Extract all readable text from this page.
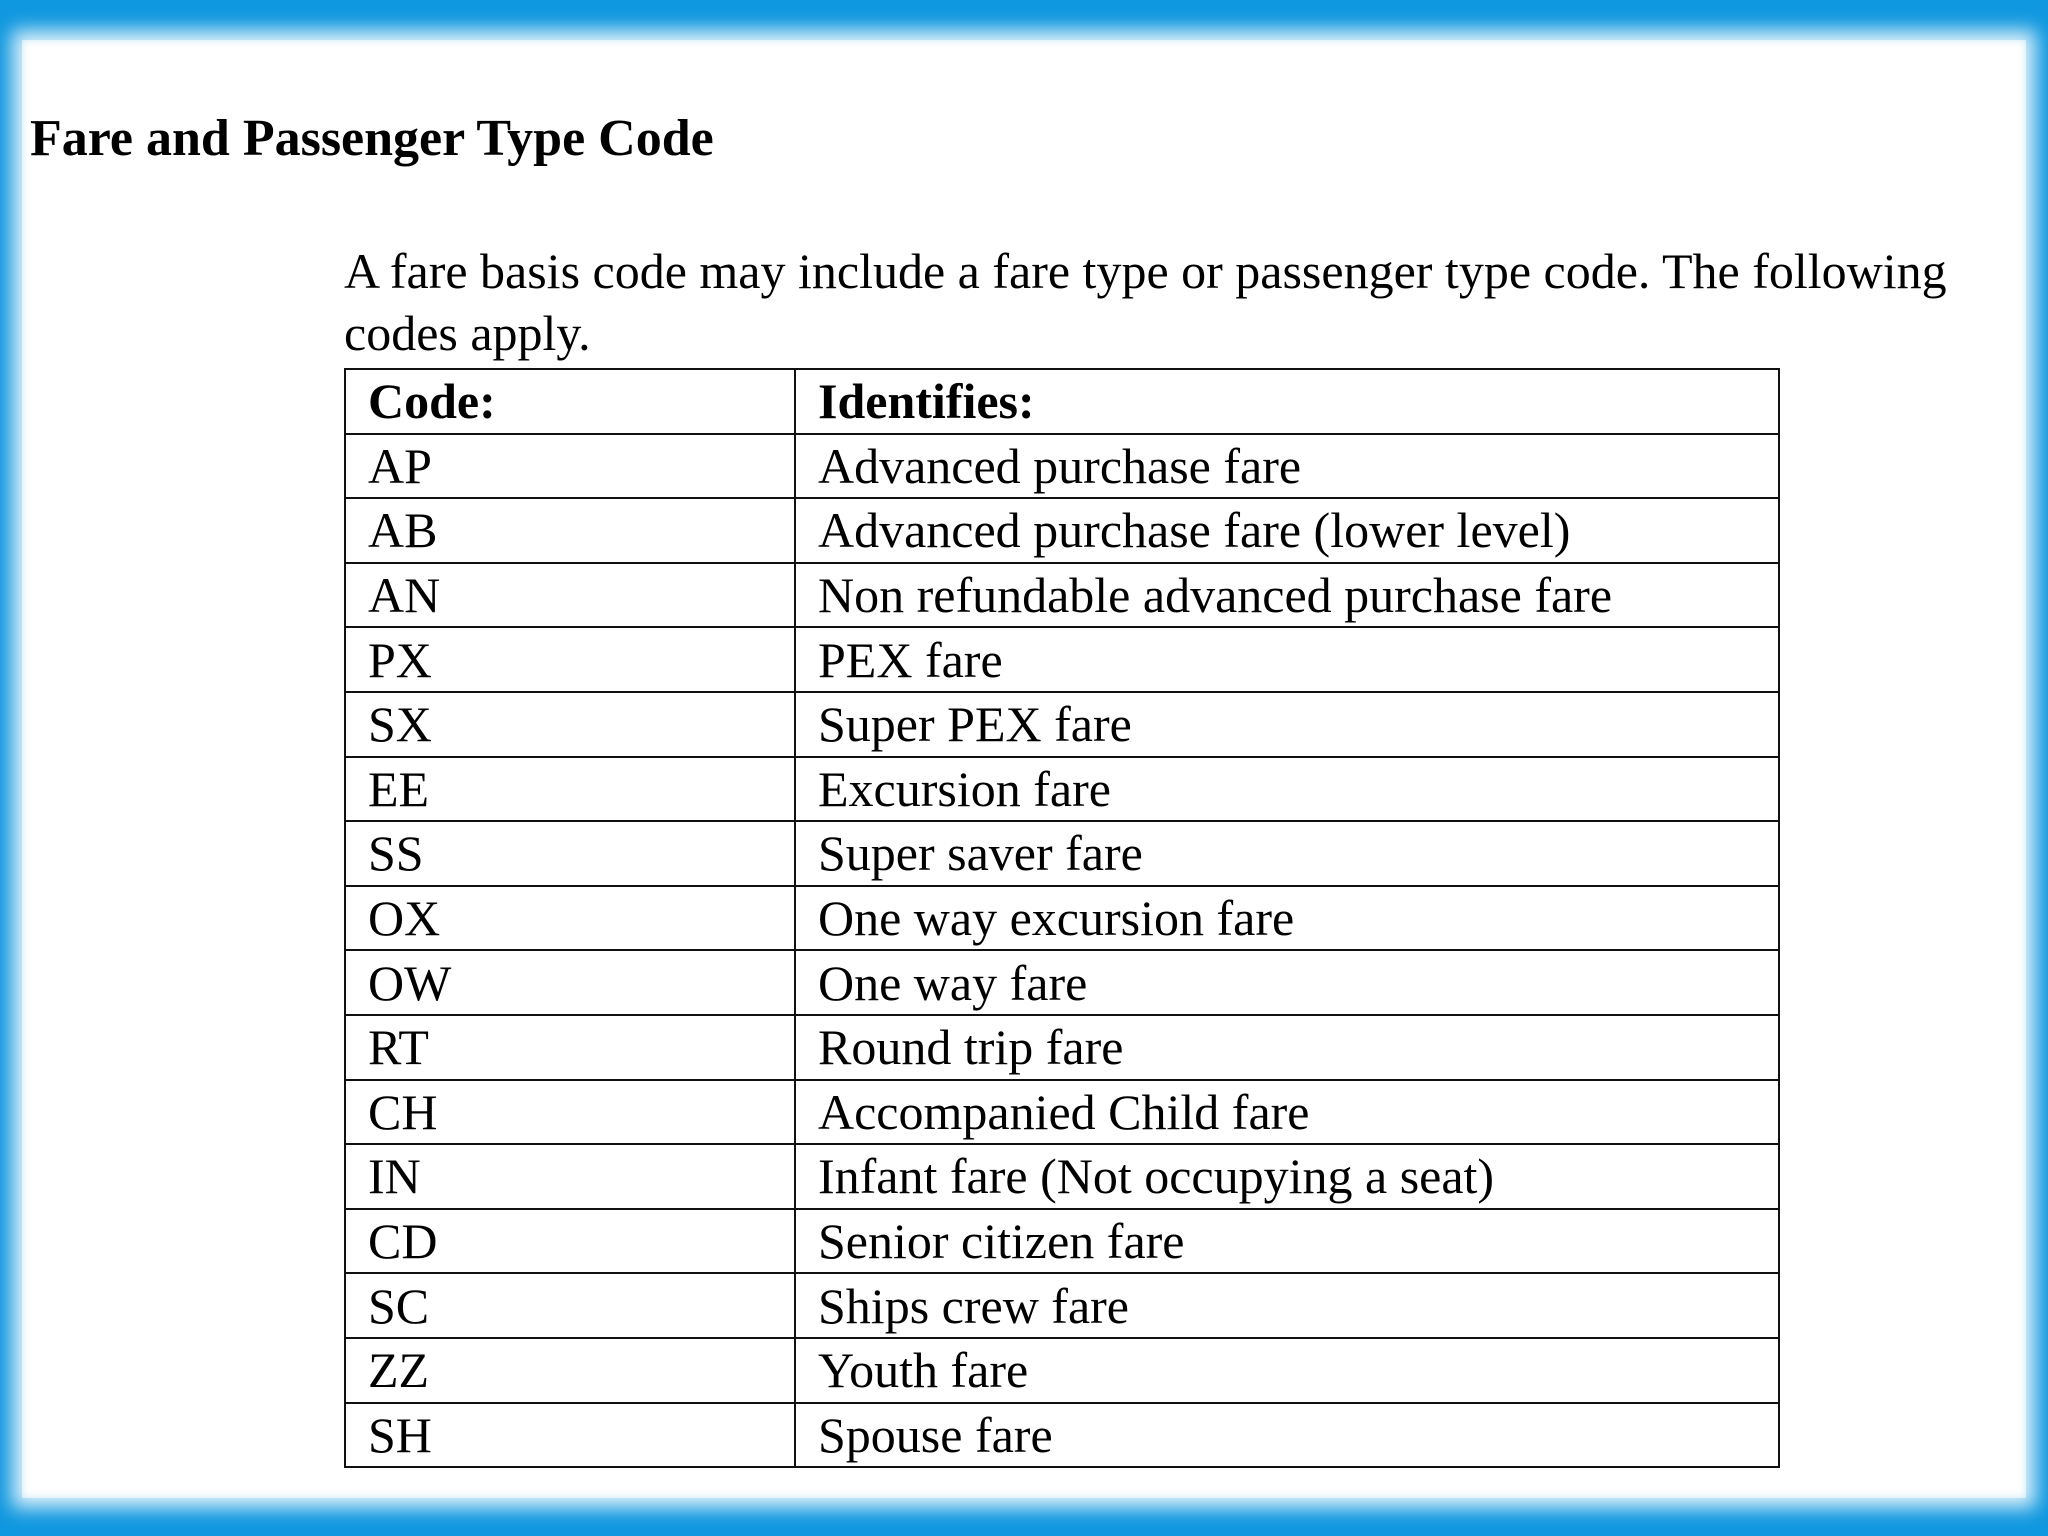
Fare and Passenger Type Code

A fare basis code may include a fare type or passenger type code. The following codes apply.

Code:	Identifies:
AP	Advanced purchase fare
AB	Advanced purchase fare (lower level)
AN	Non refundable advanced purchase fare
PX	PEX fare
SX	Super PEX fare
EE	Excursion fare
SS	Super saver fare
OX	One way excursion fare
OW	One way fare
RT	Round trip fare
CH	Accompanied Child fare
IN	Infant fare (Not occupying a seat)
CD	Senior citizen fare
SC	Ships crew fare
ZZ	Youth fare
SH	Spouse fare
